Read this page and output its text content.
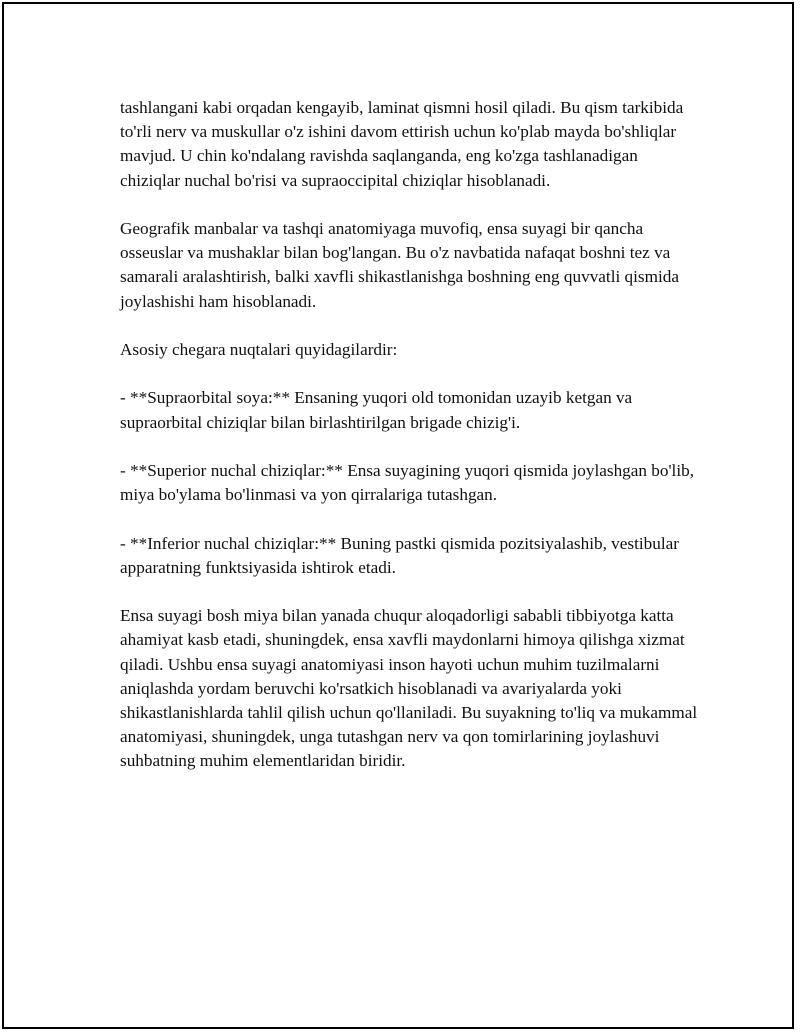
tashlangani kabi orqadan kengayib, laminat qismni hosil qiladi. Bu qism tarkibida to'rli nerv va muskullar o'z ishini davom ettirish uchun ko'plab mayda bo'shliqlar mavjud. U chin ko'ndalang ravishda saqlanganda, eng ko'zga tashlanadigan chiziqlar nuchal bo'risi va supraoccipital chiziqlar hisoblanadi.

Geografik manbalar va tashqi anatomiyaga muvofiq, ensa suyagi bir qancha osseuslar va mushaklar bilan bog'langan. Bu o'z navbatida nafaqat boshni tez va samarali aralashtirish, balki xavfli shikastlanishga boshning eng quvvatli qismida joylashishi ham hisoblanadi.

Asosiy chegara nuqtalari quyidagilardir:

- **Supraorbital soya:** Ensaning yuqori old tomonidan uzayib ketgan va supraorbital chiziqlar bilan birlashtirilgan brigade chizig'i.

- **Superior nuchal chiziqlar:** Ensa suyagining yuqori qismida joylashgan bo'lib, miya bo'ylama bo'linmasi va yon qirralariga tutashgan.

- **Inferior nuchal chiziqlar:** Buning pastki qismida pozitsiyalashib, vestibular apparatning funktsiyasida ishtirok etadi.

Ensa suyagi bosh miya bilan yanada chuqur aloqadorligi sababli tibbiyotga katta ahamiyat kasb etadi, shuningdek, ensa xavfli maydonlarni himoya qilishga xizmat qiladi. Ushbu ensa suyagi anatomiyasi inson hayoti uchun muhim tuzilmalarni aniqlashda yordam beruvchi ko'rsatkich hisoblanadi va avariyalarda yoki shikastlanishlarda tahlil qilish uchun qo'llaniladi. Bu suyakning to'liq va mukammal anatomiyasi, shuningdek, unga tutashgan nerv va qon tomirlarining joylashuvi suhbatning muhim elementlaridan biridir.
